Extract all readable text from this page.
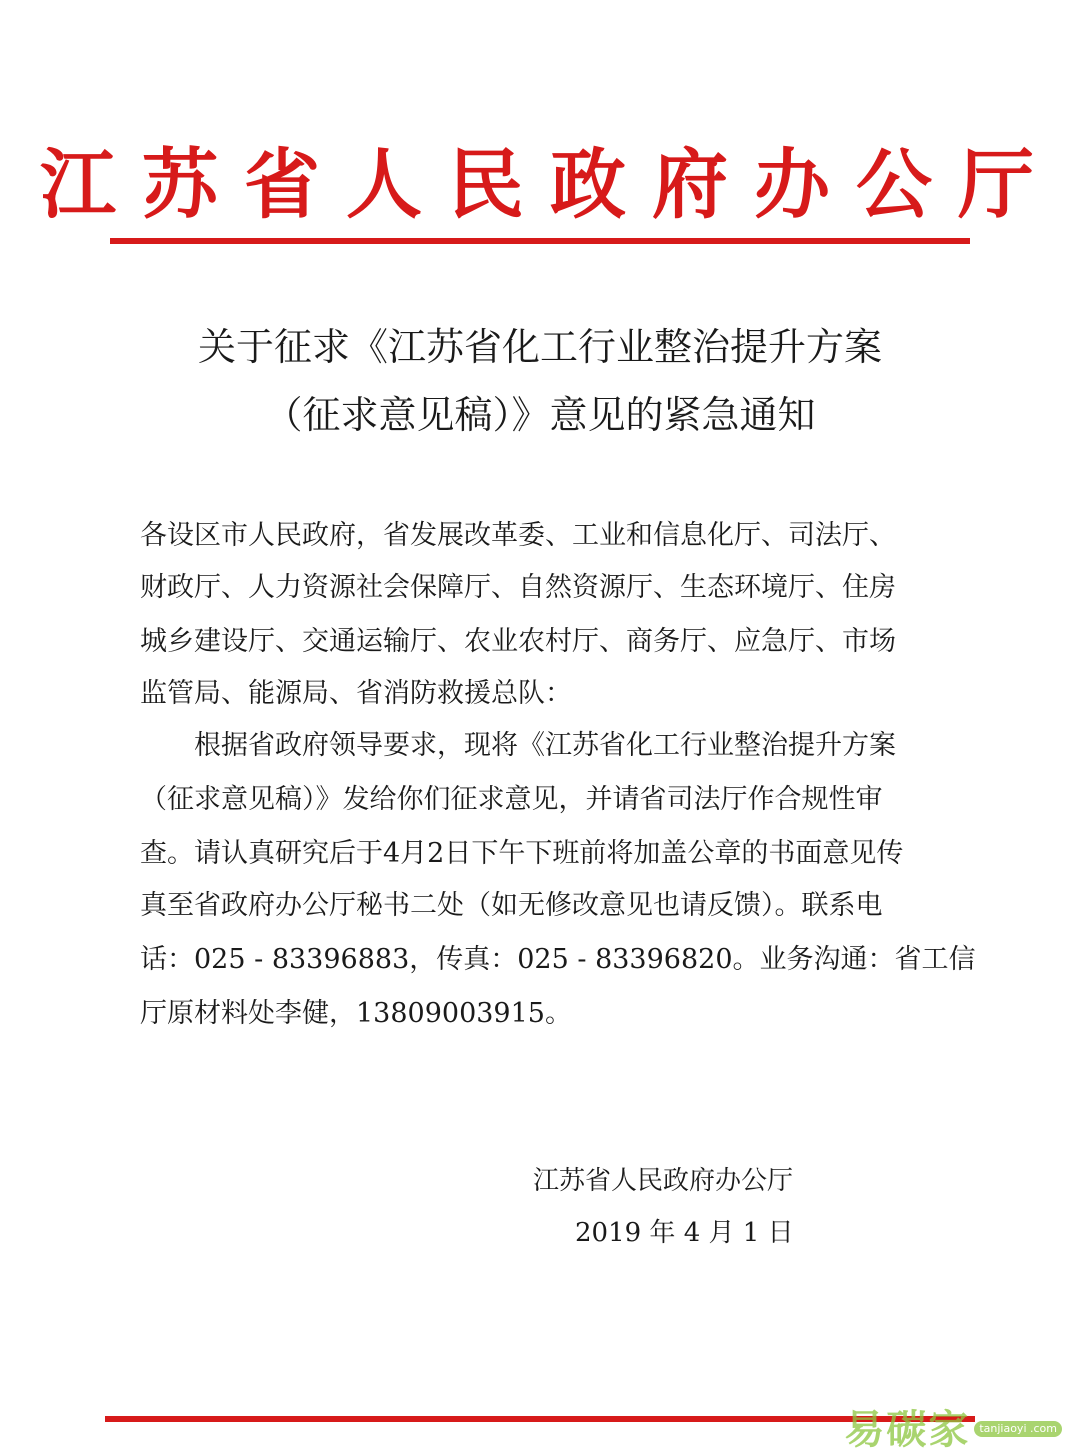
江苏省人民政府办公厅
关于征求《江苏省化工行业整治提升方案
（征求意见稿）》意见的紧急通知
各设区市人民政府，省发展改革委、工业和信息化厅、司法厅、
财政厅、人力资源社会保障厅、自然资源厅、生态环境厅、住房
城乡建设厅、交通运输厅、农业农村厅、商务厅、应急厅、市场
监管局、能源局、省消防救援总队：
　　根据省政府领导要求，现将《江苏省化工行业整治提升方案
（征求意见稿）》发给你们征求意见，并请省司法厅作合规性审
查。请认真研究后于4月2日下午下班前将加盖公章的书面意见传
真至省政府办公厅秘书二处（如无修改意见也请反馈）。联系电
话：025 - 83396883，传真：025 - 83396820。业务沟通：省工信
厅原材料处李健，13809003915。
江苏省人民政府办公厅
2019 年 4 月 1 日
易碳家 tanjiaoyi .com
